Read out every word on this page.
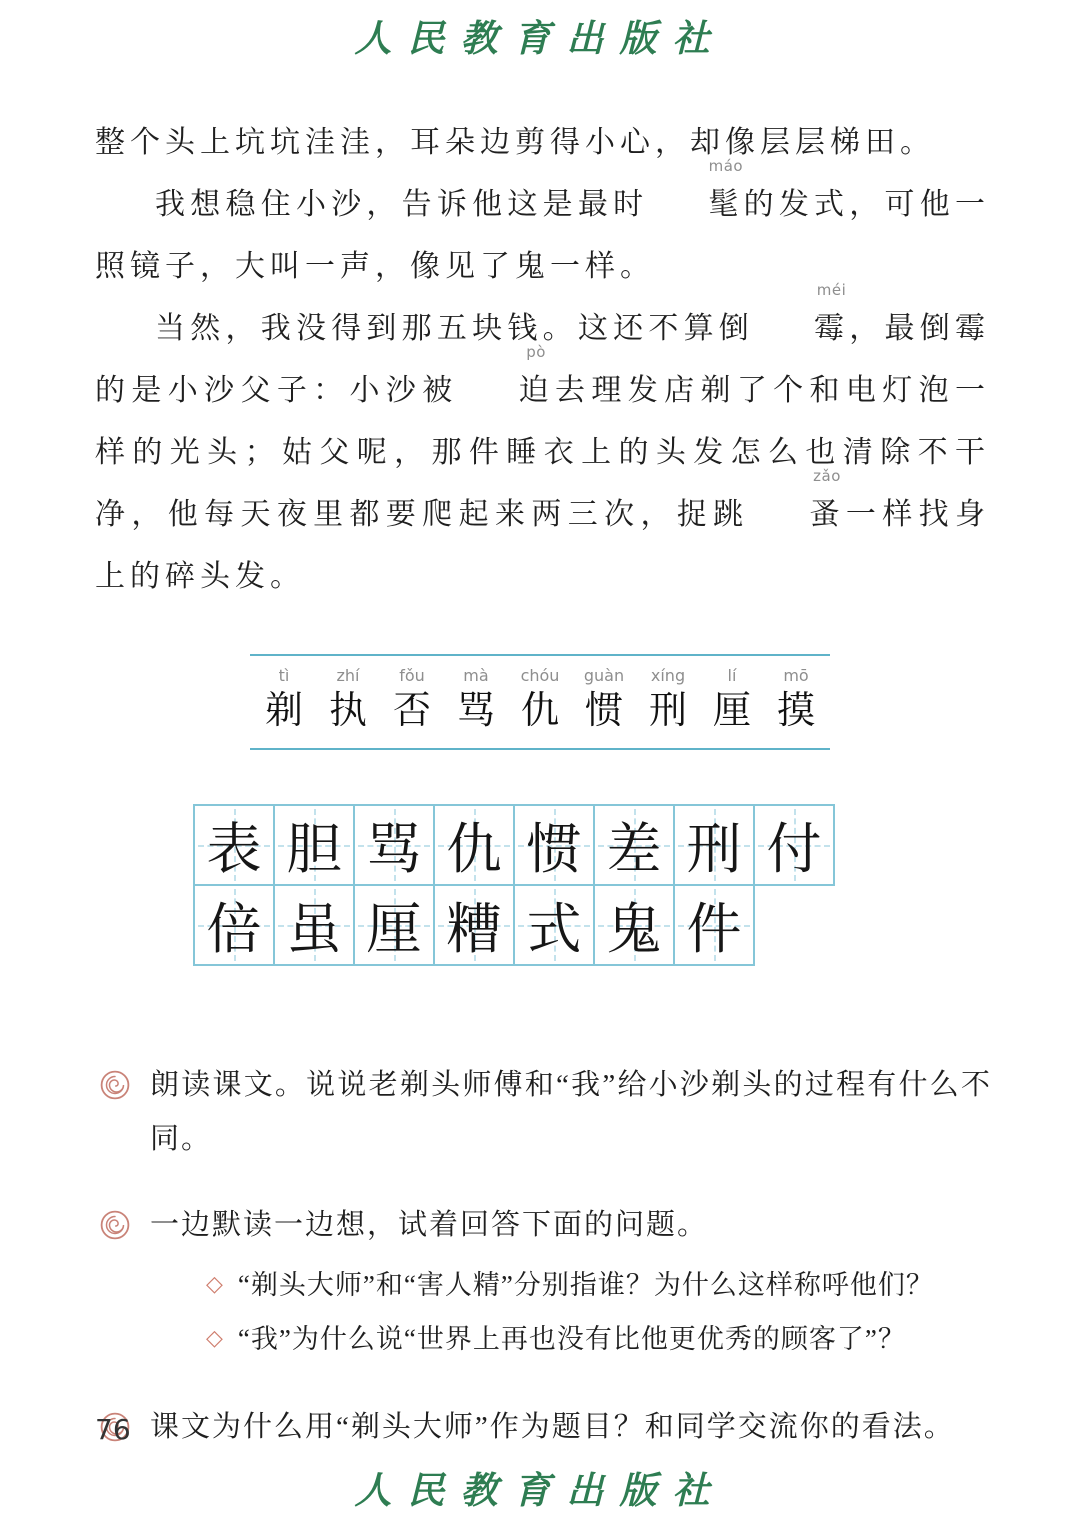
人民教育出版社

整个头上坑坑洼洼，耳朵边剪得小心，却像层层梯田。

我想稳住小沙，告诉他这是最时
máo
髦的发式，可他一照镜子，大叫一声，像见了鬼一样。

当然，我没得到那五块钱。这还不算倒
méi
霉，最倒霉的是小沙父子：小沙被
pò
迫去理发店剃了个和电灯泡一样的光头；姑父呢，那件睡衣上的头发怎么也清除不干净，他每天夜里都要爬起来两三次，捉跳
zǎo
蚤一样找身上的碎头发。

tì
剃
zhí
执
fǒu
否
mà
骂
chóu
仇
guàn
惯
xíng
刑
lí
厘
mō
摸
表 胆 骂 仇 惯 差 刑 付
倍 虽 厘 糟 式 鬼 件
朗读课文。说说老剃头师傅和“我”给小沙剃头的过程有什么不同。
一边默读一边想，试着回答下面的问题。
◇ “剃头大师”和“害人精”分别指谁？为什么这样称呼他们？
◇ “我”为什么说“世界上再也没有比他更优秀的顾客了”？
课文为什么用“剃头大师”作为题目？和同学交流你的看法。
76
人民教育出版社
